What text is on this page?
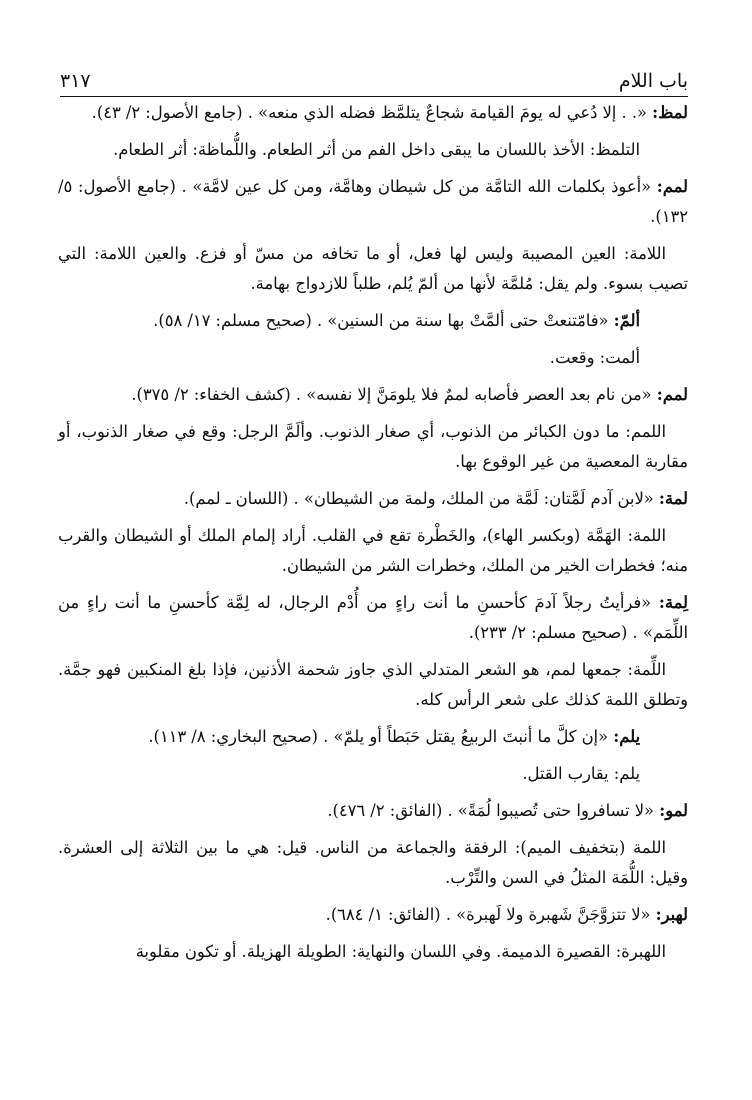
باب اللام
٣١٧

لمظ: «. . إلا دُعي له يومَ القيامة شجاعٌ يتلمَّظ فضله الذي منعه» . (جامع الأصول: ٢/ ٤٣).

التلمظ: الأخذ باللسان ما يبقى داخل الفم من أثر الطعام. واللُّماظة: أثر الطعام.

لمم: «أعوذ بكلمات الله التامَّة من كل شيطان وهامَّة، ومن كل عين لامَّة» . (جامع الأصول: ٥/ ١٣٢).

اللامة: العين المصيبة وليس لها فعل، أو ما تخافه من مسّ أو فزع. والعين اللامة: التي تصيب بسوء. ولم يقل: مُلمَّة لأنها من ألمّ يُلم، طلباً للازدواج بهامة.

ألمّ: «فامّتنعتْ حتى ألمَّتْ بها سنة من السنين» . (صحيح مسلم: ١٧/ ٥٨).

ألمت: وقعت.

لمم: «من نام بعد العصر فأصابه لممٌ فلا يلومَنَّ إلا نفسه» . (كشف الخفاء: ٢/ ٣٧٥).

اللمم: ما دون الكبائر من الذنوب، أي صغار الذنوب. وألَمَّ الرجل: وقع في صغار الذنوب، أو مقاربة المعصية من غير الوقوع بها.

لمة: «لابن آدم لَمَّتان: لَمَّة من الملك، ولمة من الشيطان» . (اللسان ـ لمم).

اللمة: الهَمَّة (وبكسر الهاء)، والخَطْرة تقع في القلب. أراد إلمام الملك أو الشيطان والقرب منه؛ فخطرات الخير من الملك، وخطرات الشر من الشيطان.

لِمة: «فرأيتُ رجلاً آدمَ كأحسنِ ما أنت راءٍ من أُدْم الرجال، له لِمَّة كأحسنِ ما أنت راءٍ من اللِّمَم» . (صحيح مسلم: ٢/ ٢٣٣).

اللِّمة: جمعها لمم، هو الشعر المتدلي الذي جاوز شحمة الأذنين، فإذا بلغ المنكبين فهو جمَّة. وتطلق اللمة كذلك على شعر الرأس كله.

يلم: «إن كلَّ ما أنبتَ الربيعُ يقتل حَبَطاً أو يلمّ» . (صحيح البخاري: ٨/ ١١٣).

يلم: يقارب القتل.

لمو: «لا تسافروا حتى تُصيبوا لُمَةً» . (الفائق: ٢/ ٤٧٦).

اللمة (بتخفيف الميم): الرفقة والجماعة من الناس. قيل: هي ما بين الثلاثة إلى العشرة. وقيل: اللُّمَة المثلُ في السن والتِّرْب.

لهبر: «لا تتزوَّجَنَّ شَهبرة ولا لَهبرة» . (الفائق: ١/ ٦٨٤).

اللهبرة: القصيرة الدميمة. وفي اللسان والنهاية: الطويلة الهزيلة. أو تكون مقلوبة
